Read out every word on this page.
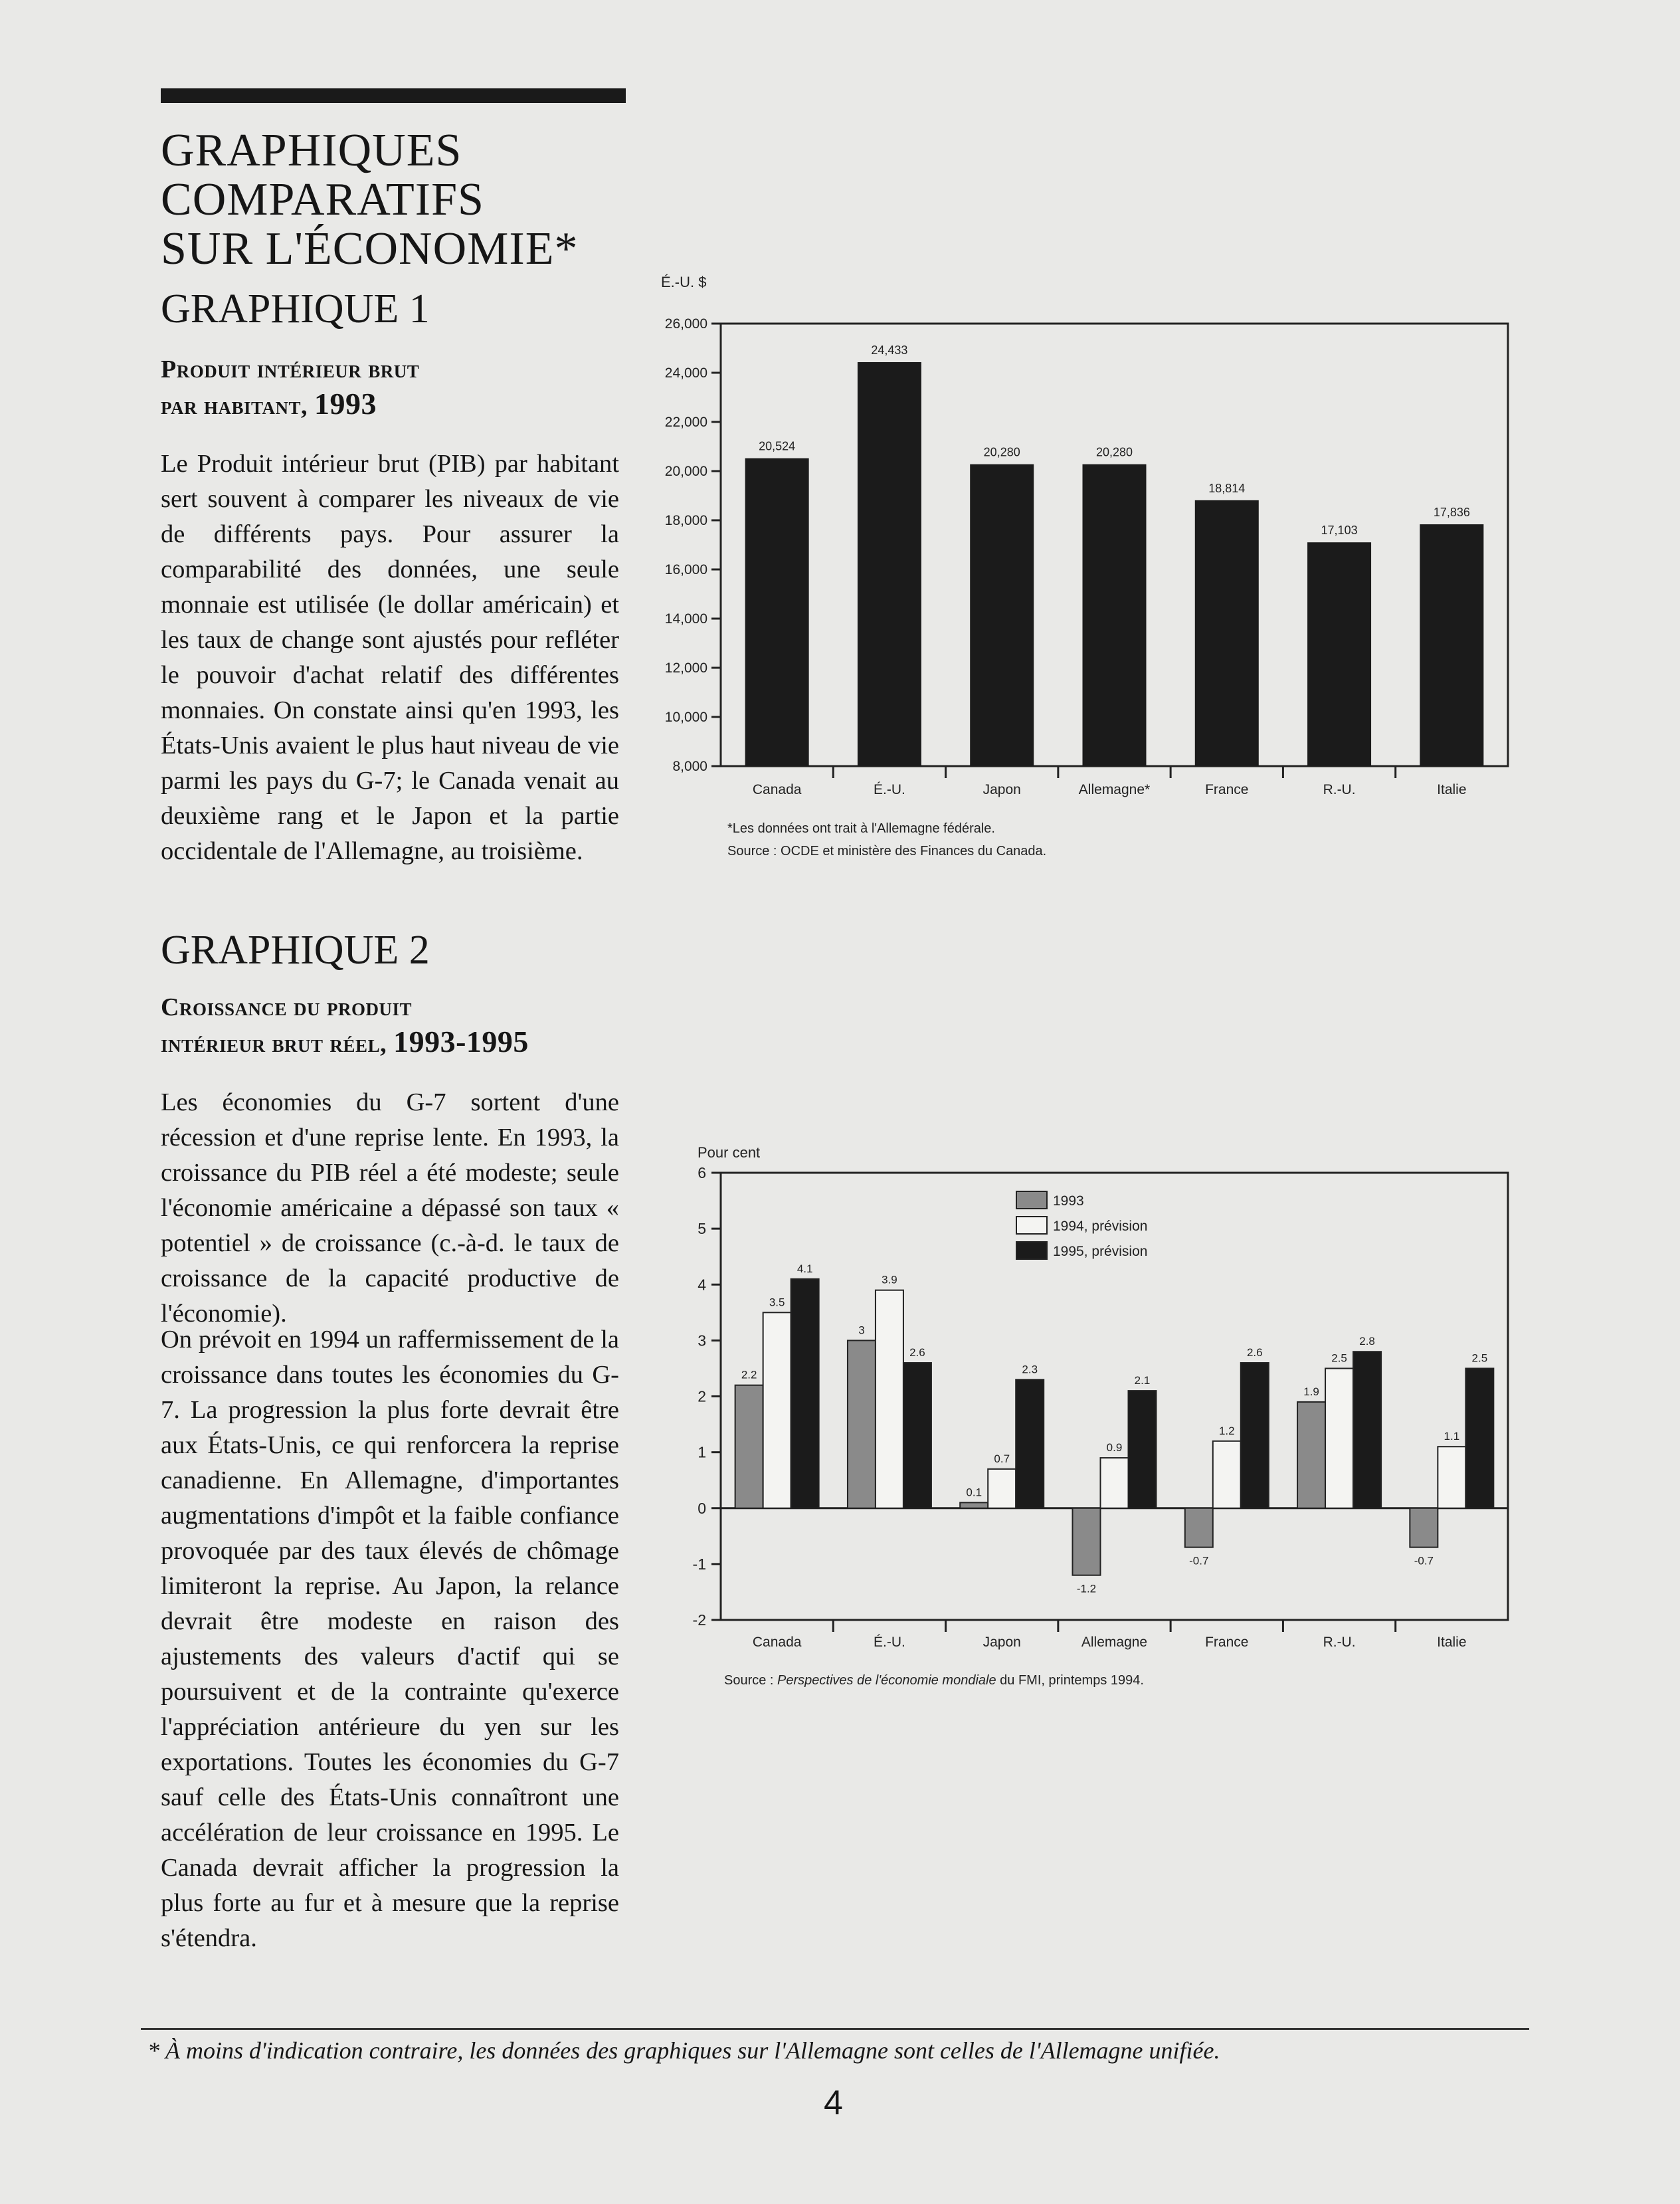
GRAPHIQUES
COMPARATIFS
SUR L'ÉCONOMIE*
GRAPHIQUE 1
Produit intérieur brut
par habitant, 1993

Le Produit intérieur brut (PIB) par habitant sert souvent à comparer les niveaux de vie de différents pays. Pour assurer la comparabilité des données, une seule monnaie est utilisée (le dollar américain) et les taux de change sont ajustés pour refléter le pouvoir d'achat relatif des différentes monnaies. On constate ainsi qu'en 1993, les États-Unis avaient le plus haut niveau de vie parmi les pays du G-7; le Canada venait au deuxième rang et le Japon et la partie occidentale de l'Allemagne, au troisième.

É.-U. $
8,000
10,000
12,000
14,000
16,000
18,000
20,000
22,000
24,000
26,000
20,524
Canada
24,433
É.-U.
20,280
Japon
20,280
Allemagne*
18,814
France
17,103
R.-U.
17,836
Italie
*Les données ont trait à l'Allemagne fédérale.
Source : OCDE et ministère des Finances du Canada.
GRAPHIQUE 2
Croissance du produit
intérieur brut réel, 1993-1995

Les économies du G-7 sortent d'une récession et d'une reprise lente. En 1993, la croissance du PIB réel a été modeste; seule l'économie américaine a dépassé son taux « potentiel » de croissance (c.-à-d. le taux de croissance de la capacité productive de l'économie).

On prévoit en 1994 un raffermissement de la croissance dans toutes les économies du G-7. La progression la plus forte devrait être aux États-Unis, ce qui renforcera la reprise canadienne. En Allemagne, d'importantes augmentations d'impôt et la faible confiance provoquée par des taux élevés de chômage limiteront la reprise. Au Japon, la relance devrait être modeste en raison des ajustements des valeurs d'actif qui se poursuivent et de la contrainte qu'exerce l'appréciation antérieure du yen sur les exportations. Toutes les économies du G-7 sauf celle des États-Unis connaîtront une accélération de leur croissance en 1995. Le Canada devrait afficher la progression la plus forte au fur et à mesure que la reprise s'étendra.

Pour cent
-2
-1
0
1
2
3
4
5
6
2.2
3.5
4.1
Canada
3
3.9
2.6
É.-U.
0.1
0.7
2.3
Japon
-1.2
0.9
2.1
Allemagne
-0.7
1.2
2.6
France
1.9
2.5
2.8
R.-U.
-0.7
1.1
2.5
Italie
1993
1994, prévision
1995, prévision
Source : Perspectives de l'économie mondiale du FMI, printemps 1994.

* À moins d'indication contraire, les données des graphiques sur l'Allemagne sont celles de l'Allemagne unifiée.

4
